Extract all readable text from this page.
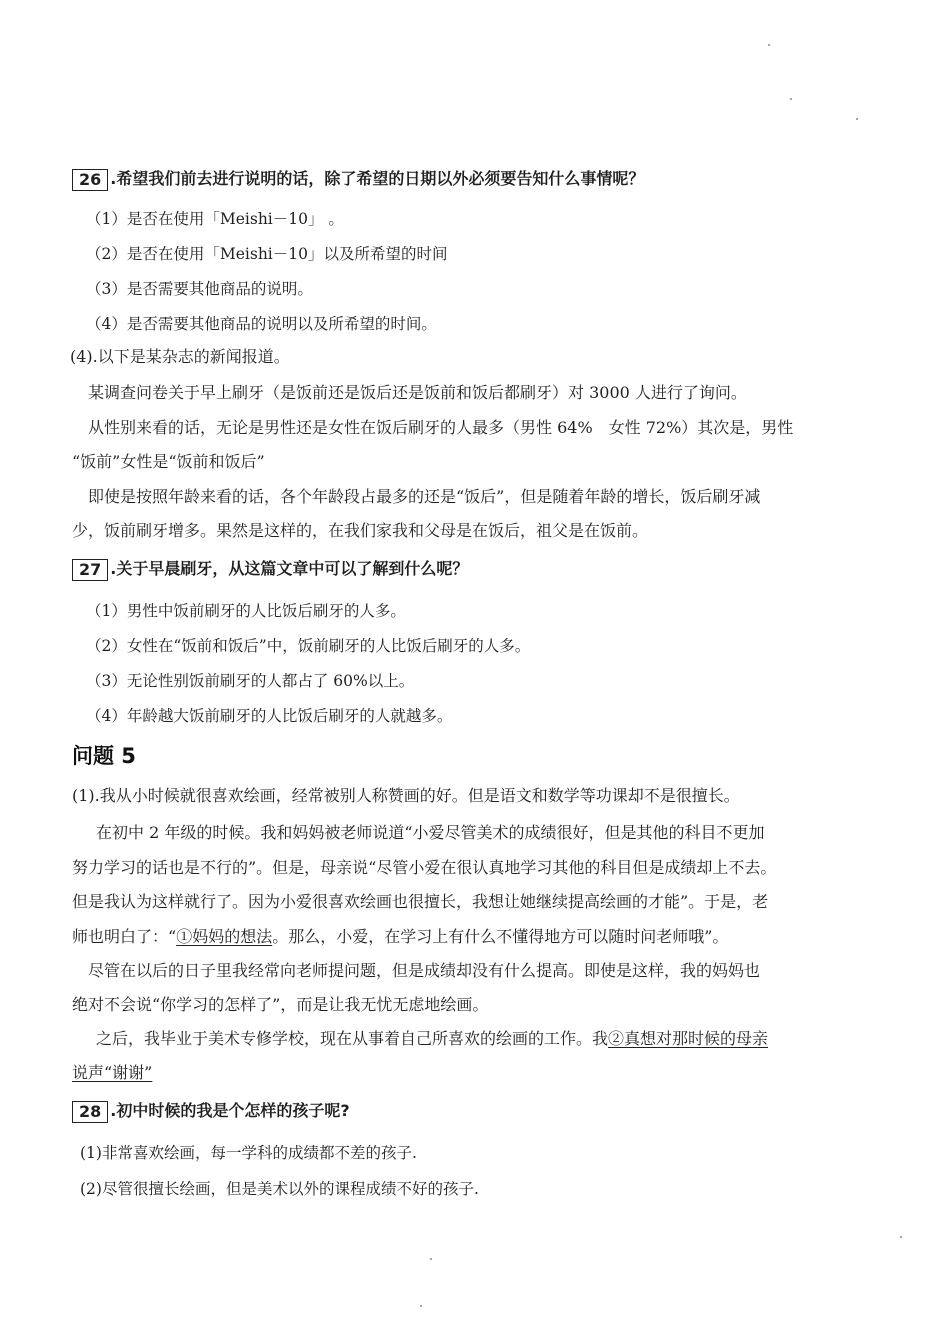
26 .希望我们前去进行说明的话，除了希望的日期以外必须要告知什么事情呢？
（1）是否在使用「Meishi－10」 。
（2）是否在使用「Meishi－10」以及所希望的时间
（3）是否需要其他商品的说明。
（4）是否需要其他商品的说明以及所希望的时间。
(4).以下是某杂志的新闻报道。
某调查问卷关于早上刷牙（是饭前还是饭后还是饭前和饭后都刷牙）对 3000 人进行了询问。
从性别来看的话，无论是男性还是女性在饭后刷牙的人最多（男性 64%　女性 72%）其次是，男性
“饭前”女性是“饭前和饭后”
即使是按照年龄来看的话，各个年龄段占最多的还是“饭后”，但是随着年龄的增长，饭后刷牙减
少，饭前刷牙增多。果然是这样的，在我们家我和父母是在饭后，祖父是在饭前。
27 .关于早晨刷牙，从这篇文章中可以了解到什么呢？
（1）男性中饭前刷牙的人比饭后刷牙的人多。
（2）女性在“饭前和饭后”中，饭前刷牙的人比饭后刷牙的人多。
（3）无论性别饭前刷牙的人都占了 60%以上。
（4）年龄越大饭前刷牙的人比饭后刷牙的人就越多。
问题 5
(1).我从小时候就很喜欢绘画，经常被别人称赞画的好。但是语文和数学等功课却不是很擅长。
在初中 2 年级的时候。我和妈妈被老师说道“小爱尽管美术的成绩很好，但是其他的科目不更加
努力学习的话也是不行的”。但是，母亲说“尽管小爱在很认真地学习其他的科目但是成绩却上不去。
但是我认为这样就行了。因为小爱很喜欢绘画也很擅长，我想让她继续提高绘画的才能”。于是，老
师也明白了：“①妈妈的想法。那么，小爱，在学习上有什么不懂得地方可以随时问老师哦”。
尽管在以后的日子里我经常向老师提问题，但是成绩却没有什么提高。即使是这样，我的妈妈也
绝对不会说“你学习的怎样了”，而是让我无忧无虑地绘画。
之后，我毕业于美术专修学校，现在从事着自己所喜欢的绘画的工作。我②真想对那时候的母亲
说声“谢谢”
28 .初中时候的我是个怎样的孩子呢?
(1)非常喜欢绘画，每一学科的成绩都不差的孩子.
(2)尽管很擅长绘画，但是美术以外的课程成绩不好的孩子.
